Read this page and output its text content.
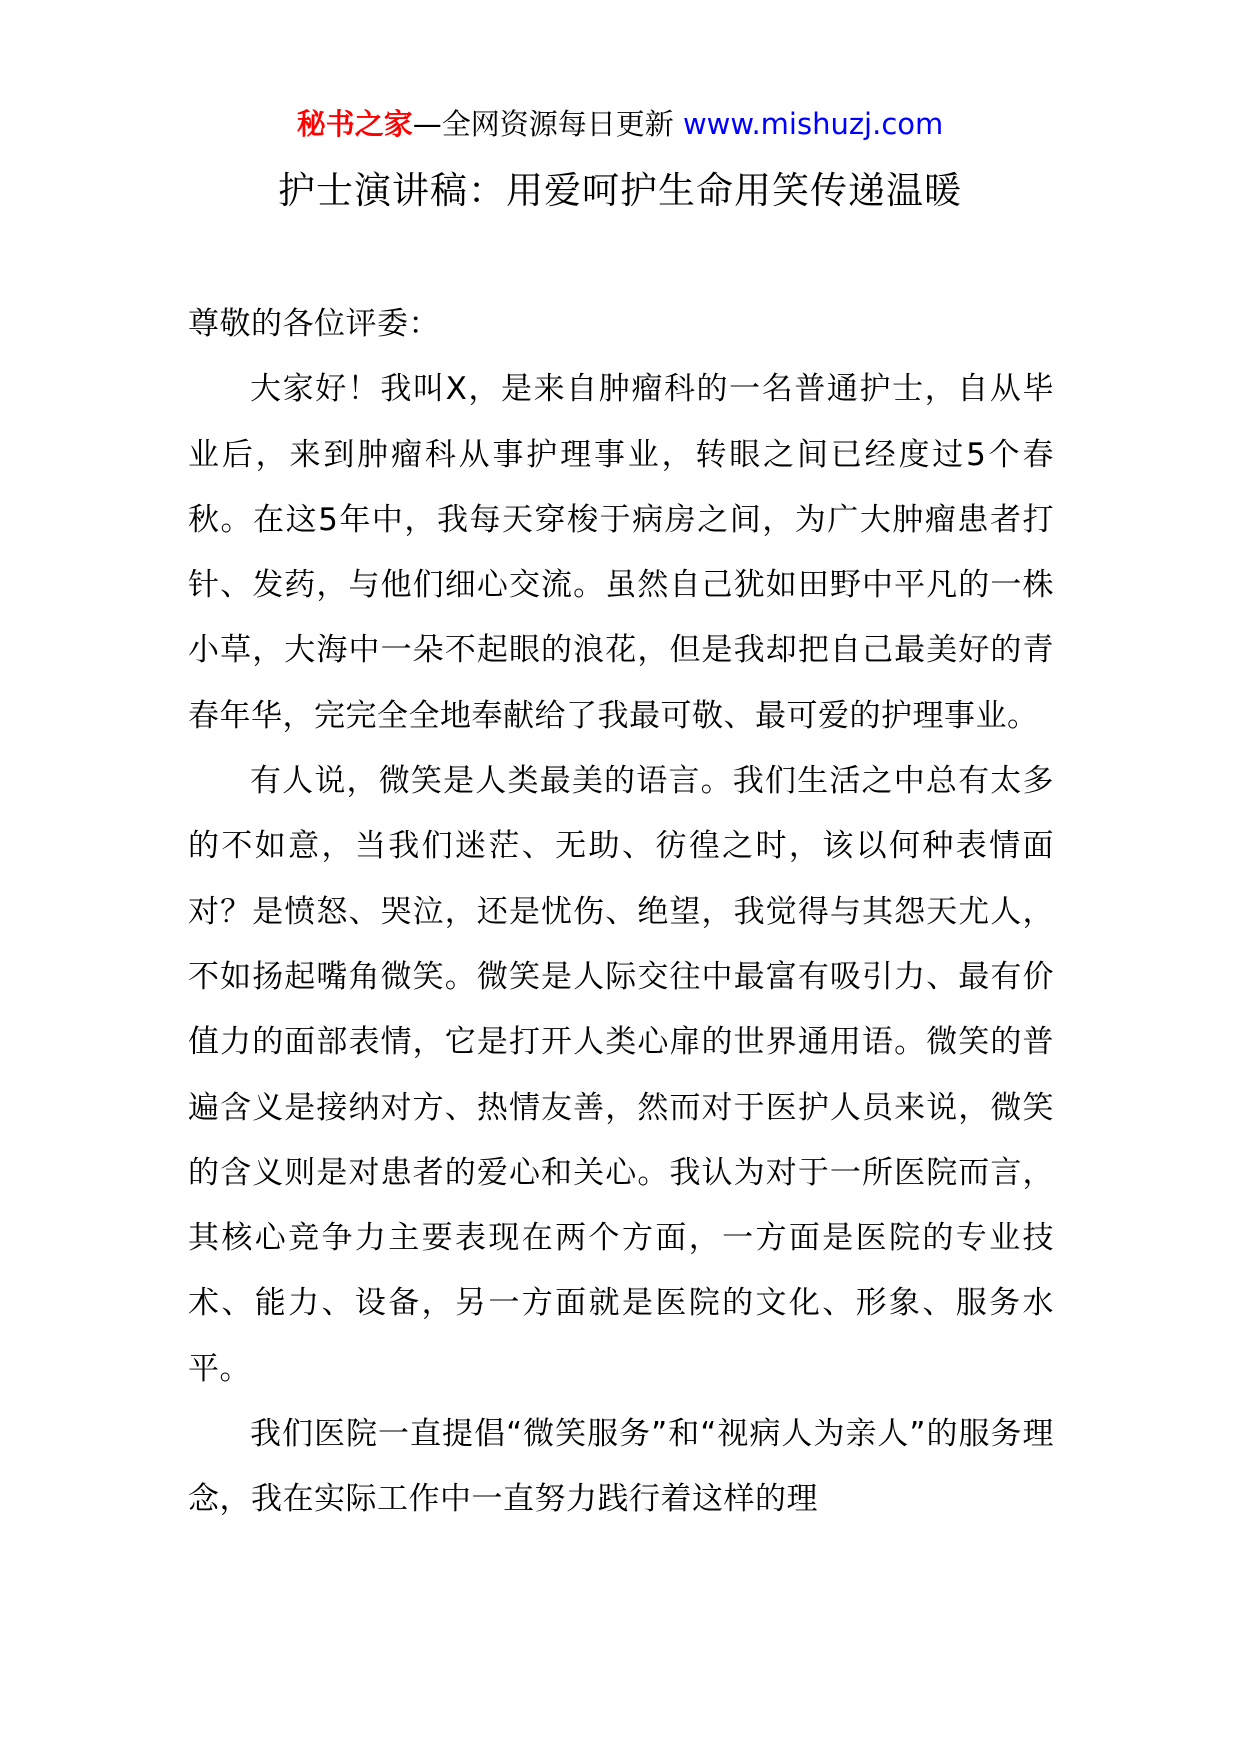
秘书之家—全网资源每日更新 www.mishuzj.com
护士演讲稿：用爱呵护生命用笑传递温暖

尊敬的各位评委：

大家好！我叫X，是来自肿瘤科的一名普通护士，自从毕业后，来到肿瘤科从事护理事业，转眼之间已经度过5个春秋。在这5年中，我每天穿梭于病房之间，为广大肿瘤患者打针、发药，与他们细心交流。虽然自己犹如田野中平凡的一株小草，大海中一朵不起眼的浪花，但是我却把自己最美好的青春年华，完完全全地奉献给了我最可敬、最可爱的护理事业。

有人说，微笑是人类最美的语言。我们生活之中总有太多的不如意，当我们迷茫、无助、彷徨之时，该以何种表情面对？是愤怒、哭泣，还是忧伤、绝望，我觉得与其怨天尤人，不如扬起嘴角微笑。微笑是人际交往中最富有吸引力、最有价值力的面部表情，它是打开人类心扉的世界通用语。微笑的普遍含义是接纳对方、热情友善，然而对于医护人员来说，微笑的含义则是对患者的爱心和关心。我认为对于一所医院而言，其核心竞争力主要表现在两个方面，一方面是医院的专业技术、能力、设备，另一方面就是医院的文化、形象、服务水平。

我们医院一直提倡“微笑服务”和“视病人为亲人”的服务理念，我在实际工作中一直努力践行着这样的理
